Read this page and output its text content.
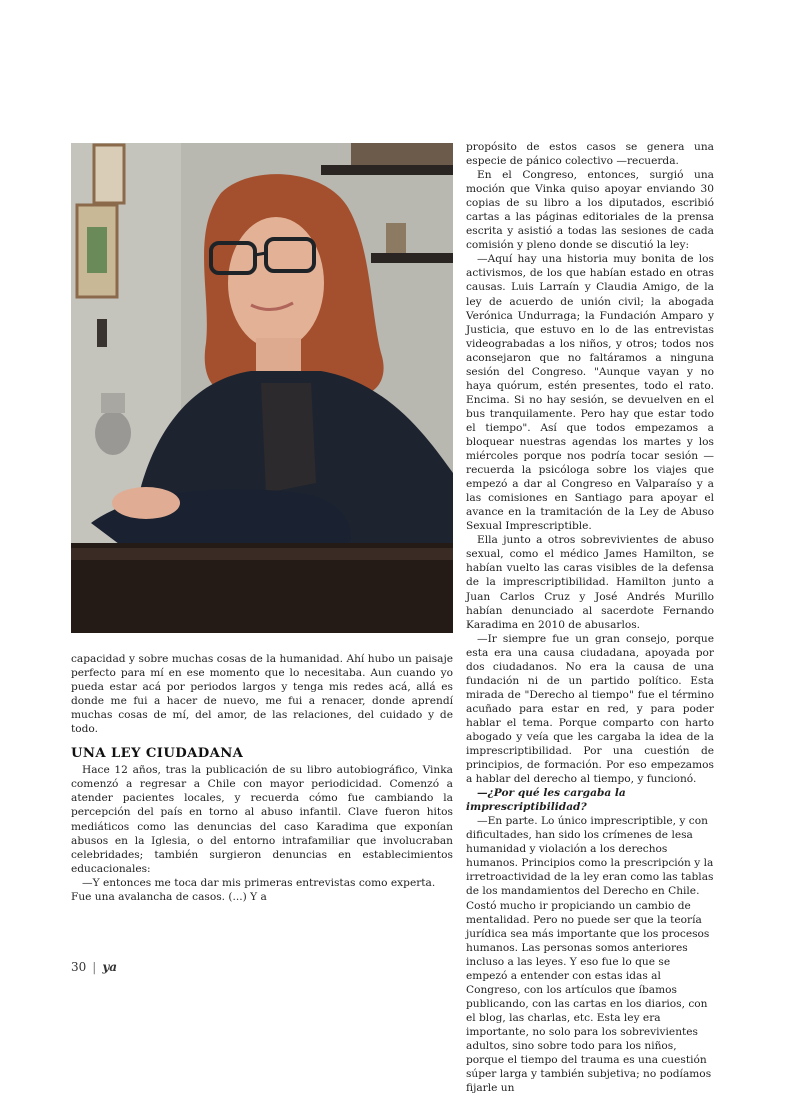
capacidad y sobre muchas cosas de la humanidad. Ahí hubo un paisaje perfecto para mí en ese momento que lo necesitaba. Aun cuando yo pueda estar acá por periodos largos y tenga mis redes acá, allá es donde me fui a hacer de nuevo, me fui a renacer, donde aprendí muchas cosas de mí, del amor, de las relaciones, del cuidado y de todo.

UNA LEY CIUDADANA

Hace 12 años, tras la publicación de su libro autobiográfico, Vinka comenzó a regresar a Chile con mayor periodicidad. Comenzó a atender pacientes locales, y recuerda cómo fue cambiando la percepción del país en torno al abuso infantil. Clave fueron hitos mediáticos como las denuncias del caso Karadima que exponían abusos en la Iglesia, o del entorno intrafamiliar que involucraban celebridades; también surgieron denuncias en establecimientos educacionales:

—Y entonces me toca dar mis primeras entrevistas como experta. Fue una avalancha de casos. (...) Y a

propósito de estos casos se genera una especie de pánico colectivo —recuerda.

En el Congreso, entonces, surgió una moción que Vinka quiso apoyar enviando 30 copias de su libro a los diputados, escribió cartas a las páginas editoriales de la prensa escrita y asistió a todas las sesiones de cada comisión y pleno donde se discutió la ley:

—Aquí hay una historia muy bonita de los activismos, de los que habían estado en otras causas. Luis Larraín y Claudia Amigo, de la ley de acuerdo de unión civil; la abogada Verónica Undurraga; la Fundación Amparo y Justicia, que estuvo en lo de las entrevistas videograbadas a los niños, y otros; todos nos aconsejaron que no faltáramos a ninguna sesión del Congreso. "Aunque vayan y no haya quórum, estén presentes, todo el rato. Encima. Si no hay sesión, se devuelven en el bus tranquilamente. Pero hay que estar todo el tiempo". Así que todos empezamos a bloquear nuestras agendas los martes y los miércoles porque nos podría tocar sesión —recuerda la psicóloga sobre los viajes que empezó a dar al Congreso en Valparaíso y a las comisiones en Santiago para apoyar el avance en la tramitación de la Ley de Abuso Sexual Imprescriptible.

Ella junto a otros sobrevivientes de abuso sexual, como el médico James Hamilton, se habían vuelto las caras visibles de la defensa de la imprescriptibilidad. Hamilton junto a Juan Carlos Cruz y José Andrés Murillo habían denunciado al sacerdote Fernando Karadima en 2010 de abusarlos.

—Ir siempre fue un gran consejo, porque esta era una causa ciudadana, apoyada por dos ciudadanos. No era la causa de una fundación ni de un partido político. Esta mirada de "Derecho al tiempo" fue el término acuñado para estar en red, y para poder hablar el tema. Porque comparto con harto abogado y veía que les cargaba la idea de la imprescriptibilidad. Por una cuestión de principios, de formación. Por eso empezamos a hablar del derecho al tiempo, y funcionó.

—¿Por qué les cargaba la imprescriptibilidad?

—En parte. Lo único imprescriptible, y con dificultades, han sido los crímenes de lesa humanidad y violación a los derechos humanos. Principios como la prescripción y la irretroactividad de la ley eran como las tablas de los mandamientos del Derecho en Chile. Costó mucho ir propiciando un cambio de mentalidad. Pero no puede ser que la teoría jurídica sea más importante que los procesos humanos. Las personas somos anteriores incluso a las leyes. Y eso fue lo que se empezó a entender con estas idas al Congreso, con los artículos que íbamos publicando, con las cartas en los diarios, con el blog, las charlas, etc. Esta ley era importante, no solo para los sobrevivientes adultos, sino sobre todo para los niños, porque el tiempo del trauma es una cuestión súper larga y también subjetiva; no podíamos fijarle un

30 | ya
